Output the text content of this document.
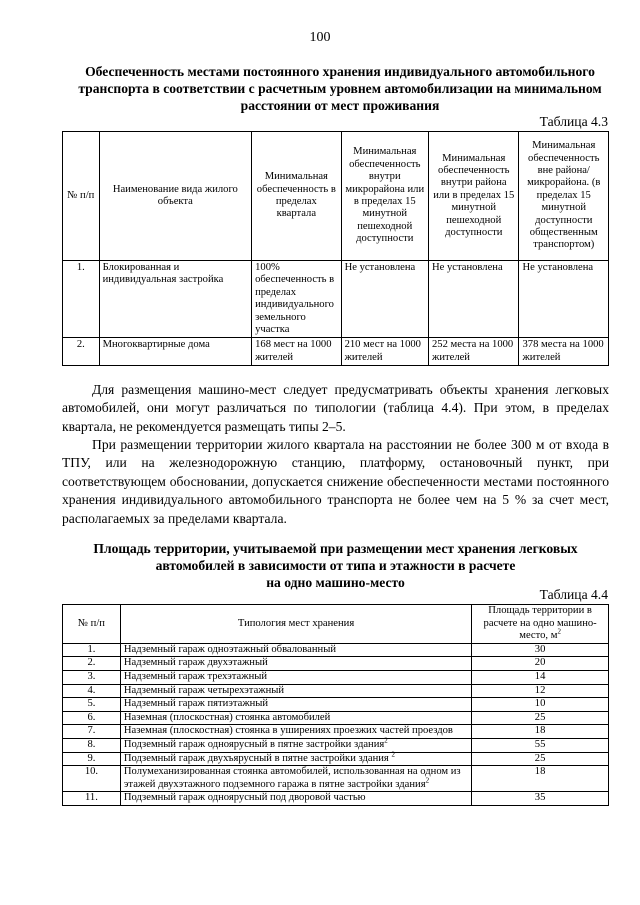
100
Обеспеченность местами постоянного хранения индивидуального автомобильного транспорта в соответствии с расчетным уровнем автомобилизации на минимальном расстоянии от мест проживания
Таблица 4.3
№ п/п	Наименование вида жилого объекта	Минимальная обеспеченность в пределах квартала	Минимальная обеспеченность внутри микрорайона или в пределах 15 минутной пешеходной доступности	Минимальная обеспеченность внутри района или в пределах 15 минутной пешеходной доступности	Минимальная обеспеченность вне района/ микрорайона. (в пределах 15 минутной доступности общественным транспортом)
1.	Блокированная и индивидуальная застройка	100% обеспеченность в пределах индивидуального земельного участка	Не установлена	Не установлена	Не установлена
2.	Многоквартирные дома	168 мест на 1000 жителей	210 мест на 1000 жителей	252 места на 1000 жителей	378 места на 1000 жителей

Для размещения машино-мест следует предусматривать объекты хранения легковых автомобилей, они могут различаться по типологии (таблица 4.4). При этом, в пределах квартала, не рекомендуется размещать типы 2–5.

При размещении территории жилого квартала на расстоянии не более 300 м от входа в ТПУ, или на железнодорожную станцию, платформу, остановочный пункт, при соответствующем обосновании, допускается снижение обеспеченности местами постоянного хранения индивидуального автомобильного транспорта не более чем на 5 % за счет мест, располагаемых за пределами квартала.

Площадь территории, учитываемой при размещении мест хранения легковых
автомобилей в зависимости от типа и этажности в расчете
на одно машино-место
Таблица 4.4
№ п/п	Типология мест хранения	Площадь территории в расчете на одно машино-место, $м^2$
1.	Надземный гараж одноэтажный обвалованный	30
2.	Надземный гараж двухэтажный	20
3.	Надземный гараж трехэтажный	14
4.	Надземный гараж четырехэтажный	12
5.	Надземный гараж пятиэтажный	10
6.	Наземная (плоскостная) стоянка автомобилей	25
7.	Наземная (плоскостная) стоянка в уширениях проезжих частей проездов	18
8.	Подземный гараж одноярусный в пятне застройки здания$^2$	55
9.	Подземный гараж двухъярусный в пятне застройки здания $^2$	25
10.	Полумеханизированная стоянка автомобилей, использованная на одном из этажей двухэтажного подземного гаража в пятне застройки здания$^2$	18
11.	Подземный гараж одноярусный под дворовой частью	35
